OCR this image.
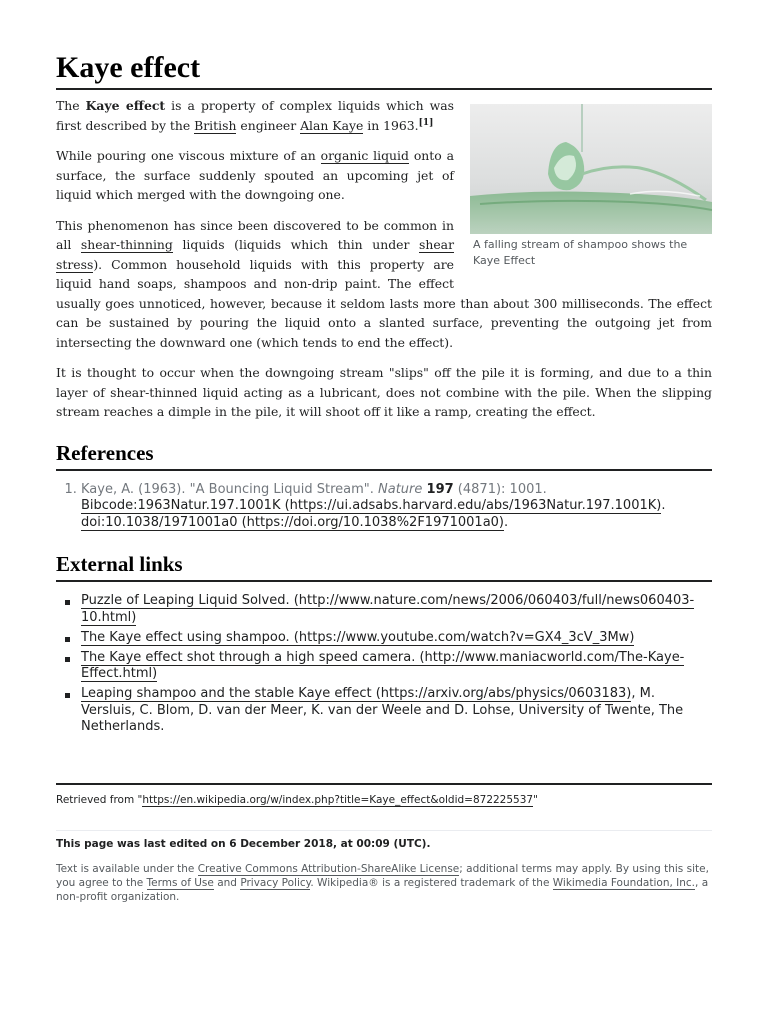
Kaye effect
A falling stream of shampoo shows the Kaye Effect

The Kaye effect is a property of complex liquids which was first described by the British engineer Alan Kaye in 1963.[1]

While pouring one viscous mixture of an organic liquid onto a surface, the surface suddenly spouted an upcoming jet of liquid which merged with the downgoing one.

This phenomenon has since been discovered to be common in all shear-thinning liquids (liquids which thin under shear stress). Common household liquids with this property are liquid hand soaps, shampoos and non-drip paint. The effect usually goes unnoticed, however, because it seldom lasts more than about 300 milliseconds. The effect can be sustained by pouring the liquid onto a slanted surface, preventing the outgoing jet from intersecting the downward one (which tends to end the effect).

It is thought to occur when the downgoing stream "slips" off the pile it is forming, and due to a thin layer of shear-thinned liquid acting as a lubricant, does not combine with the pile. When the slipping stream reaches a dimple in the pile, it will shoot off it like a ramp, creating the effect.

References
1. Kaye, A. (1963). "A Bouncing Liquid Stream". Nature 197 (4871): 1001.
Bibcode:1963Natur.197.1001K (https://ui.adsabs.harvard.edu/abs/1963Natur.197.1001K).
doi:10.1038/1971001a0 (https://doi.org/10.1038%2F1971001a0).
External links
Puzzle of Leaping Liquid Solved. (http://www.nature.com/news/2006/060403/full/news060403-10.html)
The Kaye effect using shampoo. (https://www.youtube.com/watch?v=GX4_3cV_3Mw)
The Kaye effect shot through a high speed camera. (http://www.maniacworld.com/The-Kaye-Effect.html)
Leaping shampoo and the stable Kaye effect (https://arxiv.org/abs/physics/0603183), M. Versluis, C. Blom, D. van der Meer, K. van der Weele and D. Lohse, University of Twente, The Netherlands.
Retrieved from "https://en.wikipedia.org/w/index.php?title=Kaye_effect&oldid=872225537"
This page was last edited on 6 December 2018, at 00:09 (UTC).
Text is available under the Creative Commons Attribution-ShareAlike License; additional terms may apply. By using this site, you agree to the Terms of Use and Privacy Policy. Wikipedia® is a registered trademark of the Wikimedia Foundation, Inc., a non-profit organization.
